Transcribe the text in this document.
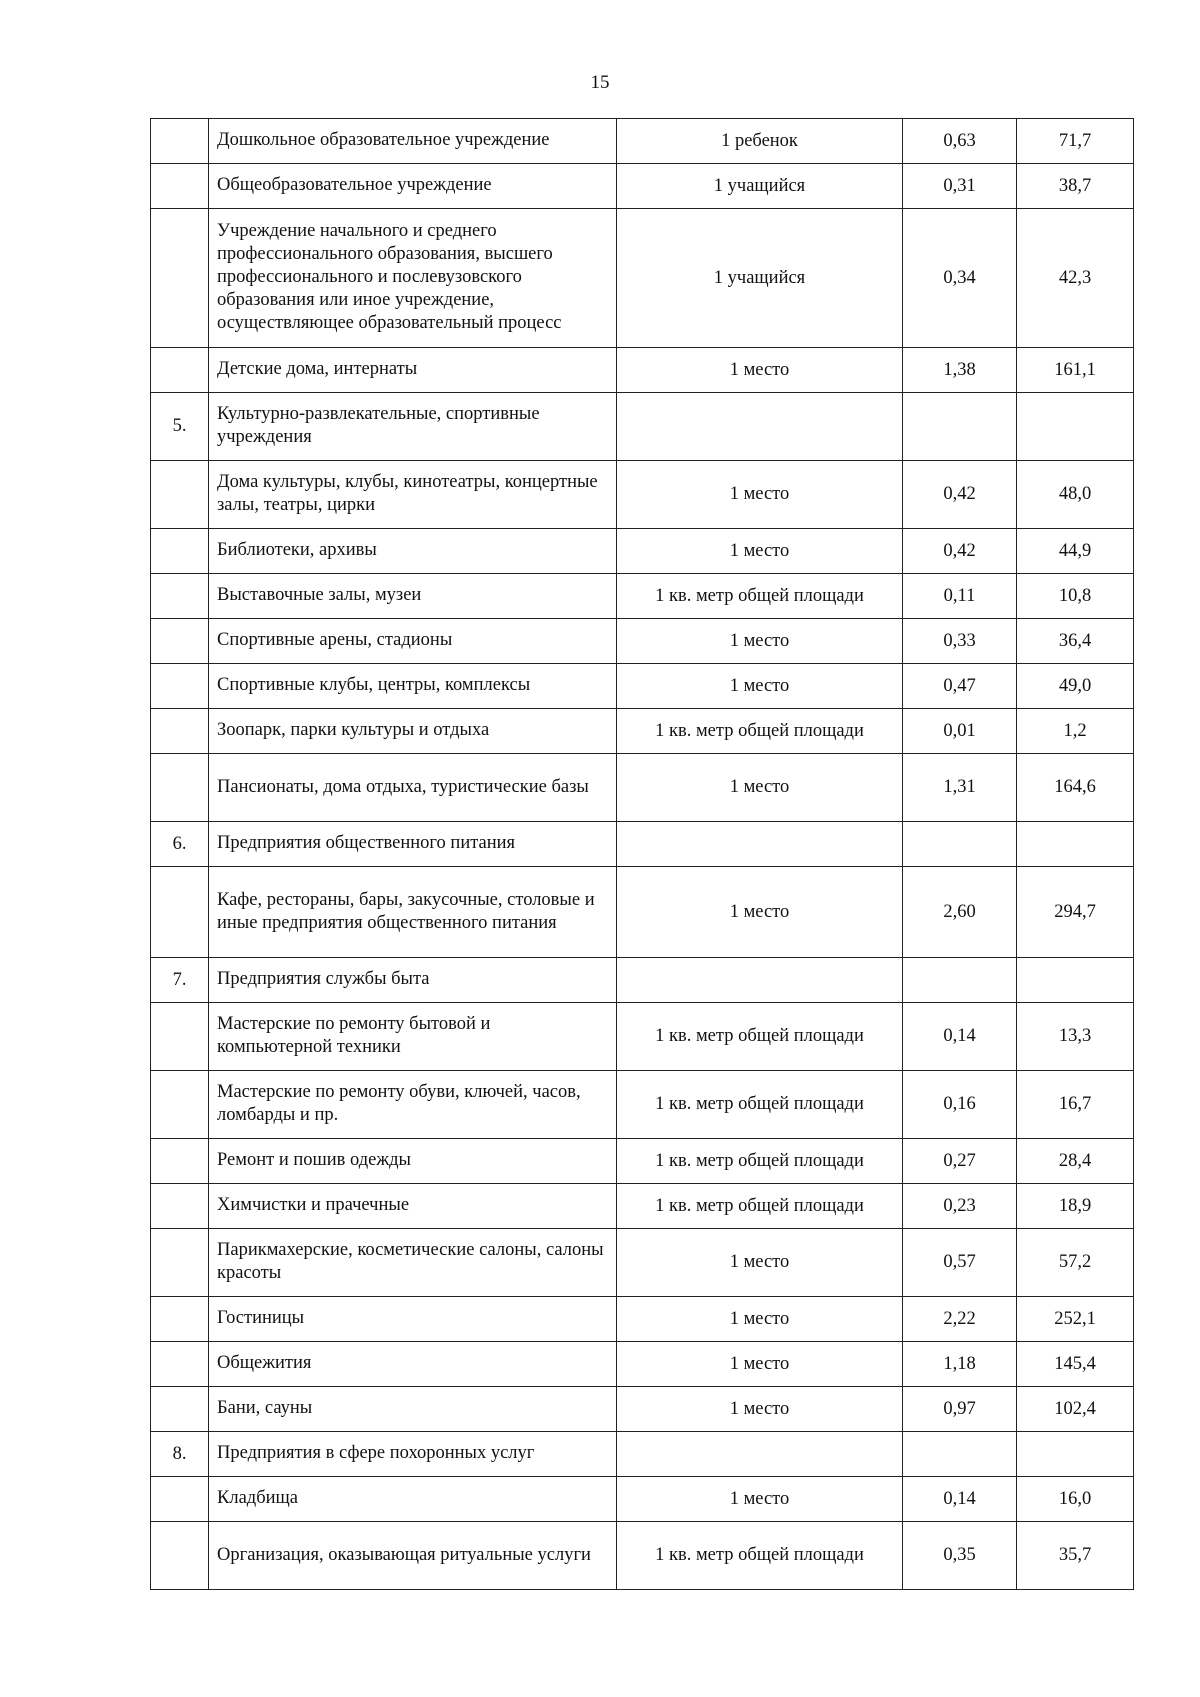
15
	Дошкольное образовательное учреждение	1 ребенок	0,63	71,7
	Общеобразовательное учреждение	1 учащийся	0,31	38,7
	Учреждение начального и среднего профессионального образования, высшего профессионального и послевузовского образования или иное учреждение, осуществляющее образовательный процесс	1 учащийся	0,34	42,3
	Детские дома, интернаты	1 место	1,38	161,1
5.	Культурно-развлекательные, спортивные учреждения			
	Дома культуры, клубы, кинотеатры, концертные залы, театры, цирки	1 место	0,42	48,0
	Библиотеки, архивы	1 место	0,42	44,9
	Выставочные залы, музеи	1 кв. метр общей площади	0,11	10,8
	Спортивные арены, стадионы	1 место	0,33	36,4
	Спортивные клубы, центры, комплексы	1 место	0,47	49,0
	Зоопарк, парки культуры и отдыха	1 кв. метр общей площади	0,01	1,2
	Пансионаты, дома отдыха, туристические базы	1 место	1,31	164,6
6.	Предприятия общественного питания			
	Кафе, рестораны, бары, закусочные, столовые и иные предприятия общественного питания	1 место	2,60	294,7
7.	Предприятия службы быта			
	Мастерские по ремонту бытовой и компьютерной техники	1 кв. метр общей площади	0,14	13,3
	Мастерские по ремонту обуви, ключей, часов, ломбарды и пр.	1 кв. метр общей площади	0,16	16,7
	Ремонт и пошив одежды	1 кв. метр общей площади	0,27	28,4
	Химчистки и прачечные	1 кв. метр общей площади	0,23	18,9
	Парикмахерские, косметические салоны, салоны красоты	1 место	0,57	57,2
	Гостиницы	1 место	2,22	252,1
	Общежития	1 место	1,18	145,4
	Бани, сауны	1 место	0,97	102,4
8.	Предприятия в сфере похоронных услуг			
	Кладбища	1 место	0,14	16,0
	Организация, оказывающая ритуальные услуги	1 кв. метр общей площади	0,35	35,7
